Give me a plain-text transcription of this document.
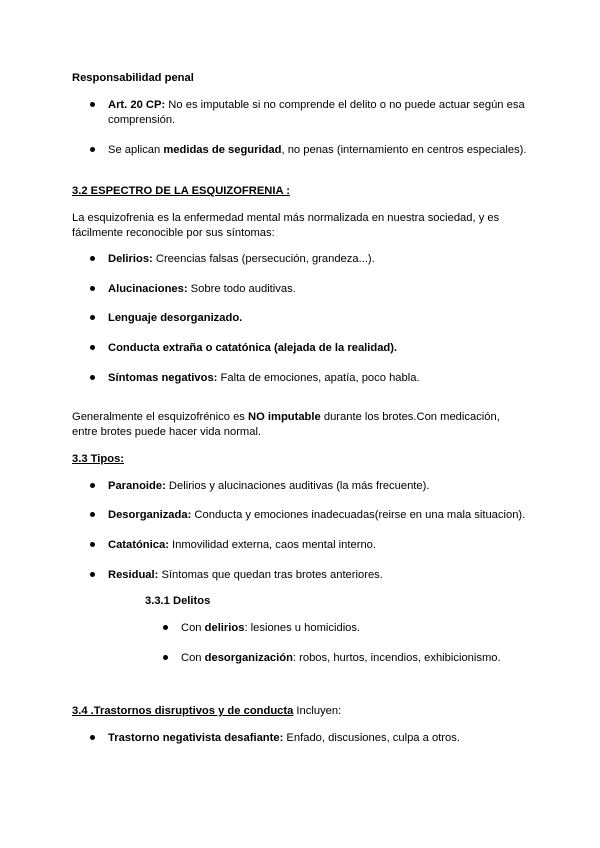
Responsabilidad penal
Art. 20 CP: No es imputable si no comprende el delito o no puede actuar según esa
comprensión.
Se aplican medidas de seguridad, no penas (internamiento en centros especiales).
3.2 ESPECTRO DE LA ESQUIZOFRENIA :
La esquizofrenia es la enfermedad mental más normalizada en nuestra sociedad, y es
fácilmente reconocible por sus síntomas:
Delirios: Creencias falsas (persecución, grandeza...).
Alucinaciones: Sobre todo auditivas.
Lenguaje desorganizado.
Conducta extraña o catatónica (alejada de la realidad).
Síntomas negativos: Falta de emociones, apatía, poco habla.
Generalmente el esquizofrénico es NO imputable durante los brotes.Con medicación,
entre brotes puede hacer vida normal.
3.3 Tipos:
Paranoide: Delirios y alucinaciones auditivas (la más frecuente).
Desorganizada: Conducta y emociones inadecuadas(reirse en una mala situacion).
Catatónica: Inmovilidad externa, caos mental interno.
Residual: Síntomas que quedan tras brotes anteriores.
3.3.1 Delitos
Con delirios: lesiones u homicidios.
Con desorganización: robos, hurtos, incendios, exhibicionismo.
3.4 .Trastornos disruptivos y de conducta Incluyen:
Trastorno negativista desafiante: Enfado, discusiones, culpa a otros.
